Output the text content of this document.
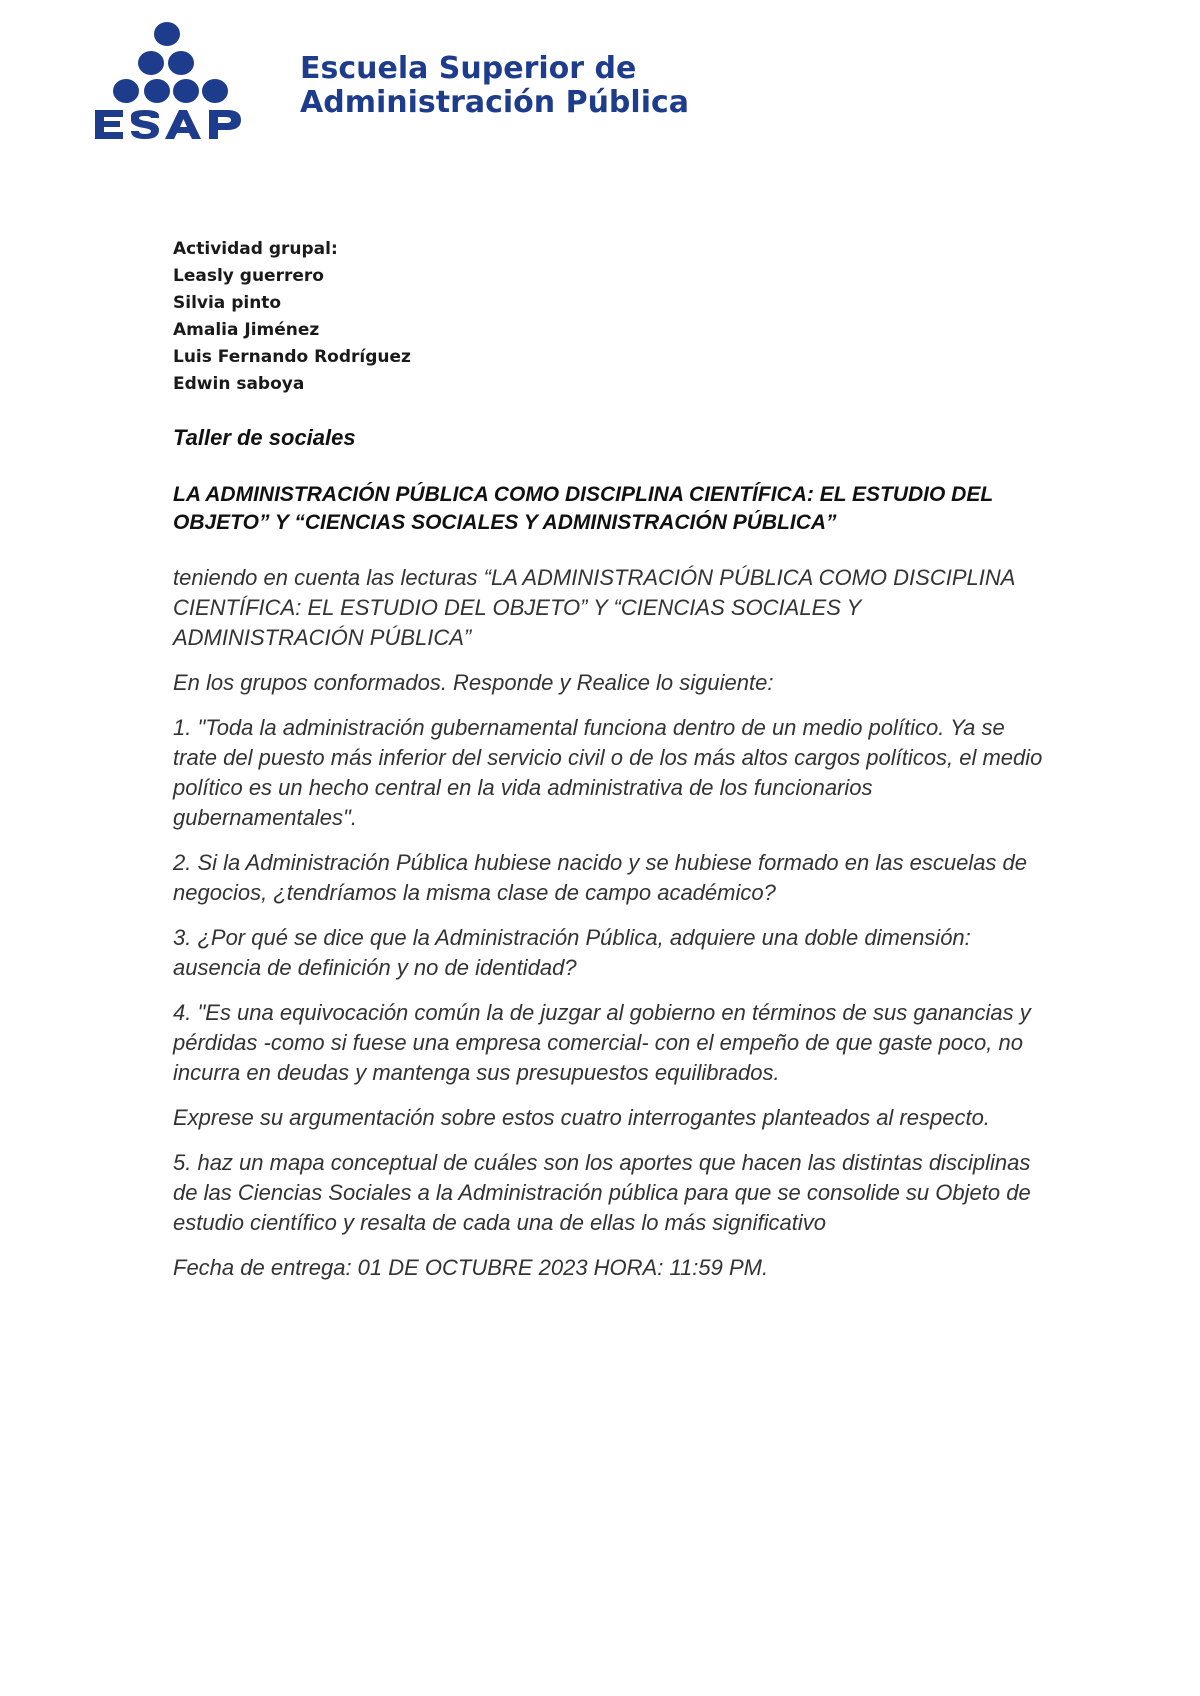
Escuela Superior de
Administración Pública
Actividad grupal:
Leasly guerrero
Silvia pinto
Amalia Jiménez
Luis Fernando Rodríguez
Edwin saboya

Taller de sociales

LA ADMINISTRACIÓN PÚBLICA COMO DISCIPLINA CIENTÍFICA: EL ESTUDIO DEL OBJETO” Y “CIENCIAS SOCIALES Y ADMINISTRACIÓN PÚBLICA”

teniendo en cuenta las lecturas “LA ADMINISTRACIÓN PÚBLICA COMO DISCIPLINA CIENTÍFICA: EL ESTUDIO DEL OBJETO” Y “CIENCIAS SOCIALES Y ADMINISTRACIÓN PÚBLICA”

En los grupos conformados. Responde y Realice lo siguiente:

1. "Toda la administración gubernamental funciona dentro de un medio político. Ya se trate del puesto más inferior del servicio civil o de los más altos cargos políticos, el medio político es un hecho central en la vida administrativa de los funcionarios gubernamentales".

2. Si la Administración Pública hubiese nacido y se hubiese formado en las escuelas de negocios, ¿tendríamos la misma clase de campo académico?

3. ¿Por qué se dice que la Administración Pública, adquiere una doble dimensión: ausencia de definición y no de identidad?

4. "Es una equivocación común la de juzgar al gobierno en términos de sus ganancias y pérdidas -como si fuese una empresa comercial- con el empeño de que gaste poco, no incurra en deudas y mantenga sus presupuestos equilibrados.

Exprese su argumentación sobre estos cuatro interrogantes planteados al respecto.

5. haz un mapa conceptual de cuáles son los aportes que hacen las distintas disciplinas de las Ciencias Sociales a la Administración pública para que se consolide su Objeto de estudio científico y resalta de cada una de ellas lo más significativo

Fecha de entrega: 01 DE OCTUBRE 2023 HORA: 11:59 PM.
